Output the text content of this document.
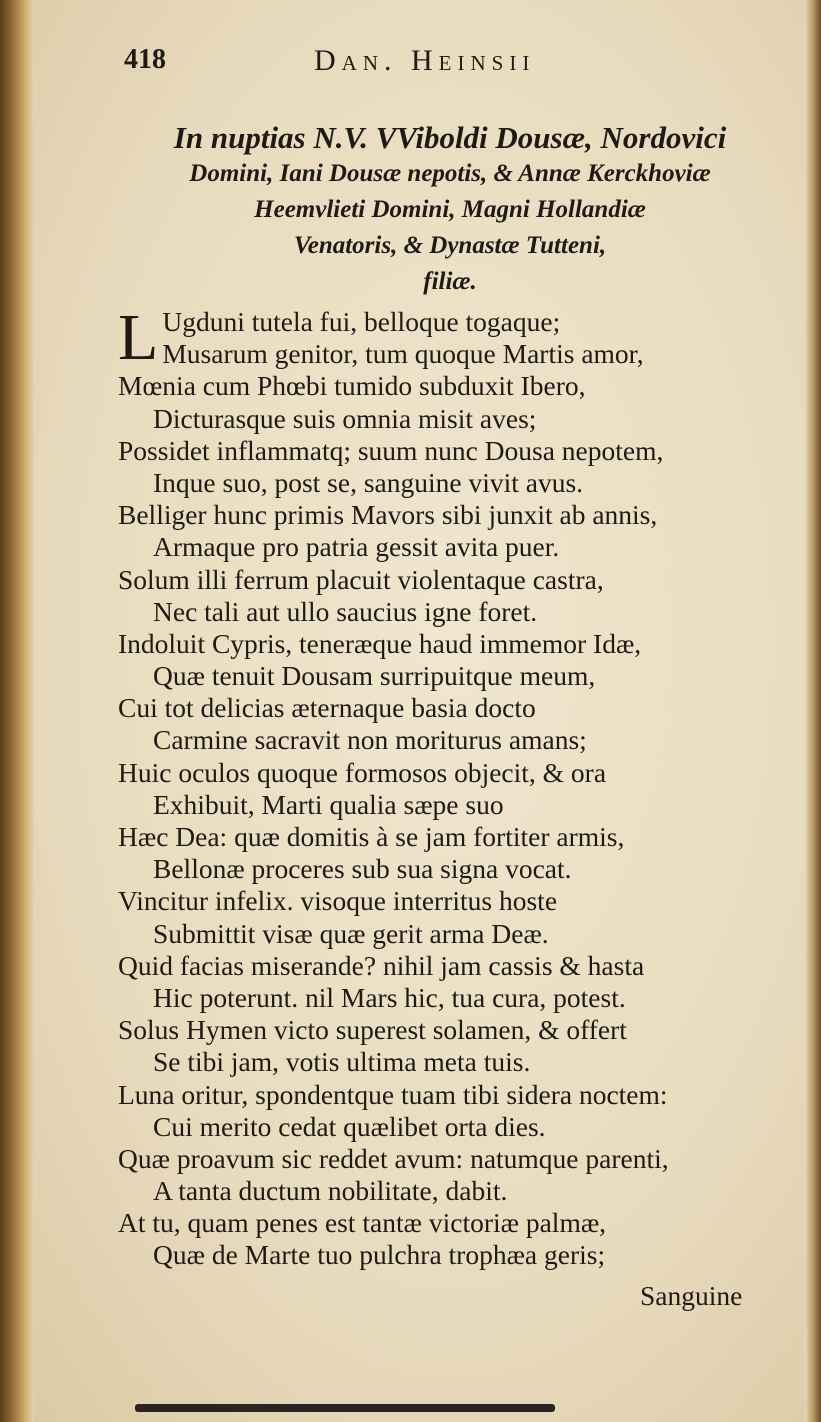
418	Dan. Heinsii
In nuptias N.V. VViboldi Dousæ, Nordovici
Domini, Iani Dousæ nepotis, & Annæ Kerckhoviæ
Heemvlieti Domini, Magni Hollandiæ
Venatoris, & Dynastæ Tutteni,
filiæ.
L Ugduni tutela fui, belloque togaque;
Musarum genitor, tum quoque Martis amor,
Mœnia cum Phœbi tumido subduxit Ibero,
Dicturasque suis omnia misit aves;
Possidet inflammatq; suum nunc Dousa nepotem,
Inque suo, post se, sanguine vivit avus.
Belliger hunc primis Mavors sibi junxit ab annis,
Armaque pro patria gessit avita puer.
Solum illi ferrum placuit violentaque castra,
Nec tali aut ullo saucius igne foret.
Indoluit Cypris, teneræque haud immemor Idæ,
Quæ tenuit Dousam surripuitque meum,
Cui tot delicias æternaque basia docto
Carmine sacravit non moriturus amans;
Huic oculos quoque formosos objecit, & ora
Exhibuit, Marti qualia sæpe suo
Hæc Dea: quæ domitis à se jam fortiter armis,
Bellonæ proceres sub sua signa vocat.
Vincitur infelix. visoque interritus hoste
Submittit visæ quæ gerit arma Deæ.
Quid facias miserande? nihil jam cassis & hasta
Hic poterunt. nil Mars hic, tua cura, potest.
Solus Hymen victo superest solamen, & offert
Se tibi jam, votis ultima meta tuis.
Luna oritur, spondentque tuam tibi sidera noctem:
Cui merito cedat quælibet orta dies.
Quæ proavum sic reddet avum: natumque parenti,
A tanta ductum nobilitate, dabit.
At tu, quam penes est tantæ victoriæ palmæ,
Quæ de Marte tuo pulchra trophæa geris;
Sanguine
